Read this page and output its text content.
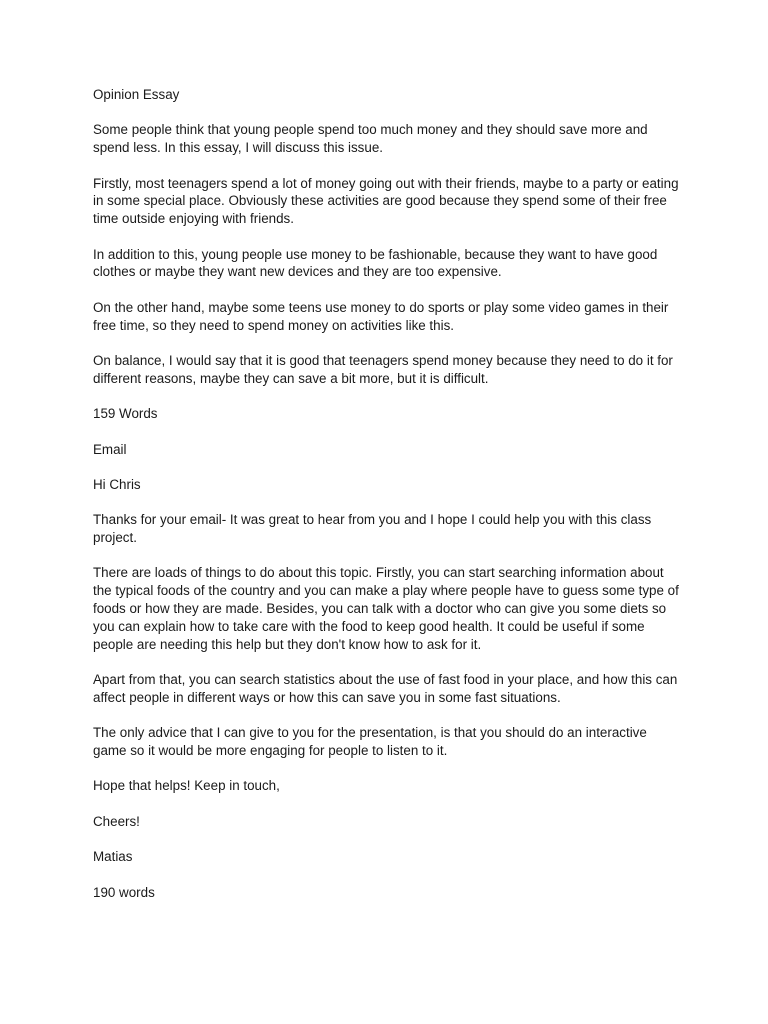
Opinion Essay

Some people think that young people spend too much money and they should save more and spend less. In this essay, I will discuss this issue.

Firstly, most teenagers spend a lot of money going out with their friends, maybe to a party or eating in some special place. Obviously these activities are good because they spend some of their free time outside enjoying with friends.

In addition to this, young people use money to be fashionable, because they want to have good clothes or maybe they want new devices and they are too expensive.

On the other hand, maybe some teens use money to do sports or play some video games in their free time, so they need to spend money on activities like this.

On balance, I would say that it is good that teenagers spend money because they need to do it for different reasons, maybe they can save a bit more, but it is difficult.

159 Words

Email

Hi Chris

Thanks for your email- It was great to hear from you and I hope I could help you with this class project.

There are loads of things to do about this topic. Firstly, you can start searching information about the typical foods of the country and you can make a play where people have to guess some type of foods or how they are made. Besides, you can talk with a doctor who can give you some diets so you can explain how to take care with the food to keep good health. It could be useful if some people are needing this help but they don't know how to ask for it.

Apart from that, you can search statistics about the use of fast food in your place, and how this can affect people in different ways or how this can save you in some fast situations.

The only advice that I can give to you for the presentation, is that you should do an interactive game so it would be more engaging for people to listen to it.

Hope that helps! Keep in touch,

Cheers!

Matias

190 words
